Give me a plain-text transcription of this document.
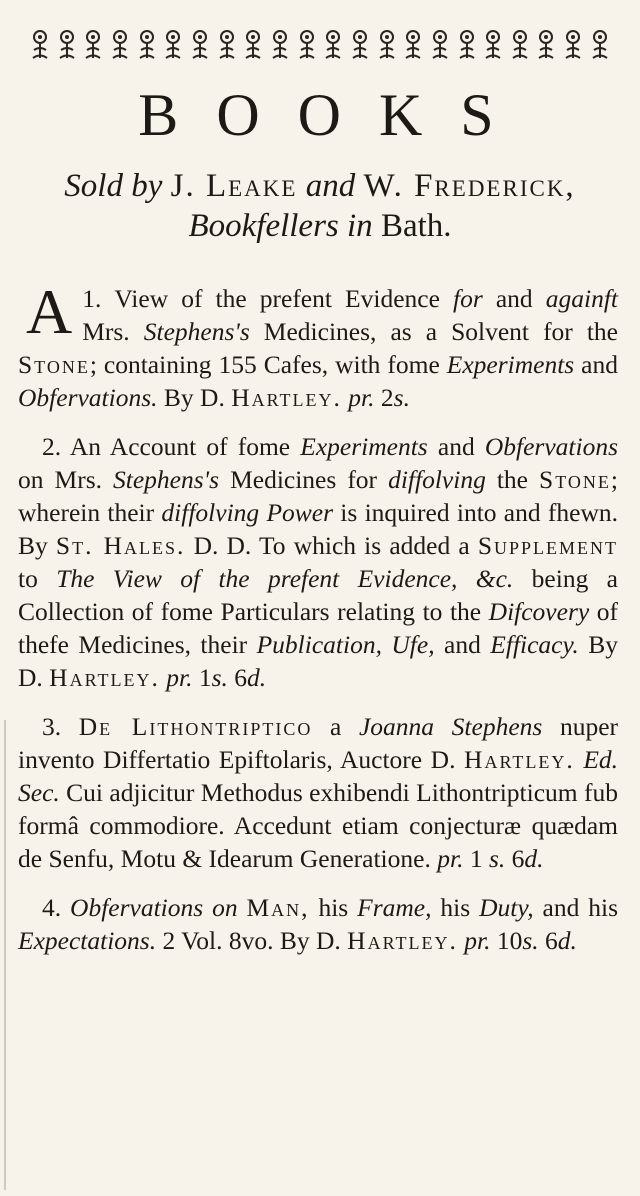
BOOKS
Sold by J. Leake and W. Frederick,
Bookfellers in Bath.
1.
A View of the prefent Evidence for and againft Mrs. Stephens's Medicines, as a Solvent for the Stone; containing 155 Cafes, with fome Experiments and Obfervations. By D. Hartley. pr. 2s.
2. An Account of fome Experiments and Obfervations on Mrs. Stephens's Medicines for diffolving the Stone; wherein their diffolving Power is inquired into and fhewn. By St. Hales. D. D. To which is added a Supplement to The View of the prefent Evidence, &c. being a Collection of fome Particulars relating to the Difcovery of thefe Medicines, their Publication, Ufe, and Efficacy. By D. Hartley. pr. 1s. 6d.
3. De Lithontriptico a Joanna Stephens nuper invento Differtatio Epiftolaris, Auctore D. Hartley. Ed. Sec. Cui adjicitur Methodus exhibendi Lithontripticum fub formâ commodiore. Accedunt etiam conjecturæ quædam de Senfu, Motu & Idearum Generatione. pr. 1 s. 6d.
4. Obfervations on Man, his Frame, his Duty, and his Expectations. 2 Vol. 8vo. By D. Hartley. pr. 10s. 6d.
